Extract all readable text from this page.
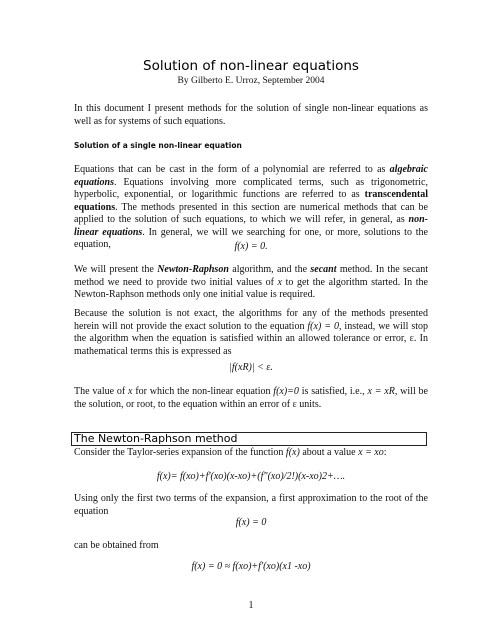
Solution of non-linear equations
By Gilberto E. Urroz, September 2004

In this document I present methods for the solution of single non-linear equations as well as for systems of such equations.

Solution of a single non-linear equation

Equations that can be cast in the form of a polynomial are referred to as algebraic equations. Equations involving more complicated terms, such as trigonometric, hyperbolic, exponential, or logarithmic functions are referred to as transcendental equations. The methods presented in this section are numerical methods that can be applied to the solution of such equations, to which we will refer, in general, as non-linear equations. In general, we will we searching for one, or more, solutions to the equation,	f(x) = 0.

We will present the Newton-Raphson algorithm, and the secant method. In the secant method we need to provide two initial values of x to get the algorithm started. In the Newton-Raphson methods only one initial value is required.

Because the solution is not exact, the algorithms for any of the methods presented herein will not provide the exact solution to the equation f(x) = 0, instead, we will stop the algorithm when the equation is satisfied within an allowed tolerance or error, ε. In mathematical terms this is expressed as

|f(xR)| < ε.

The value of x for which the non-linear equation f(x)=0 is satisfied, i.e., x = xR, will be the solution, or root, to the equation within an error of ε units.

The Newton-Raphson method

Consider the Taylor-series expansion of the function f(x) about a value x = xo:

f(x)= f(xo)+f'(xo)(x-xo)+(f"(xo)/2!)(x-xo)2+….

Using only the first two terms of the expansion, a first approximation to the root of the equation

f(x) = 0

can be obtained from

f(x) = 0 ≈ f(xo)+f'(xo)(x1 -xo)
1
